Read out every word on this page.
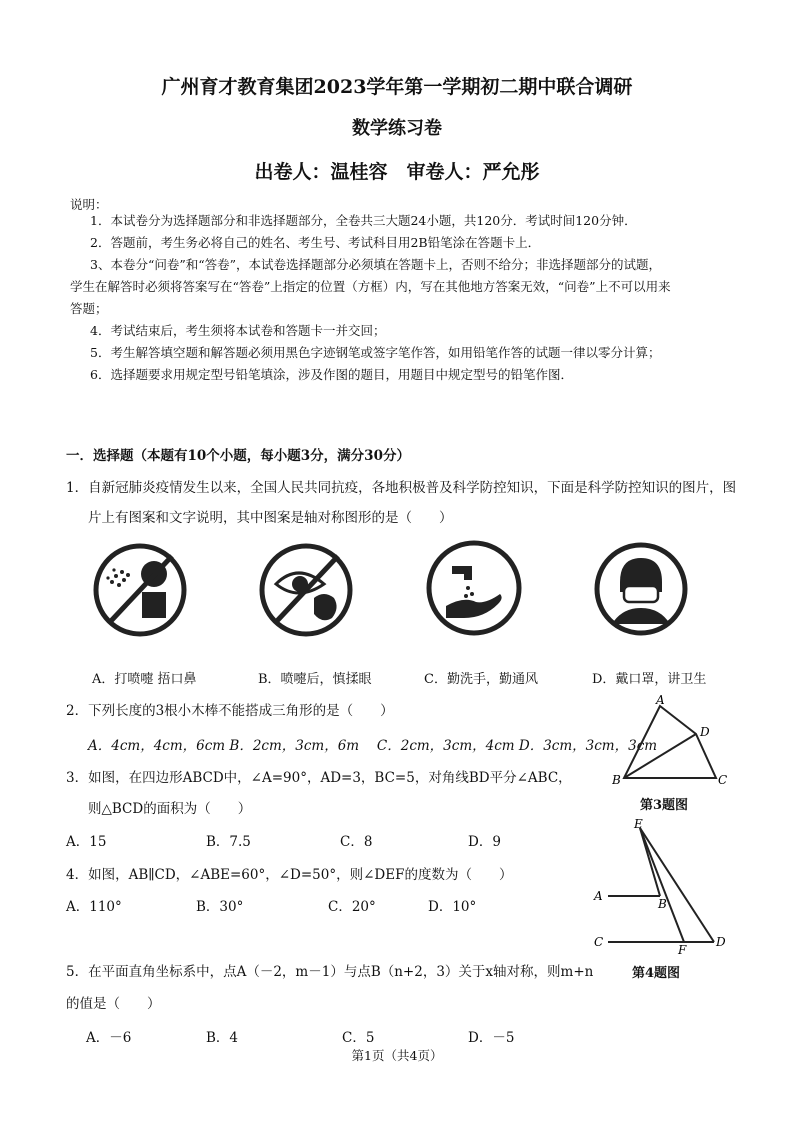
广州育才教育集团2023学年第一学期初二期中联合调研
数学练习卷
出卷人：温桂容　审卷人：严允彤
说明：
1．本试卷分为选择题部分和非选择题部分，全卷共三大题24小题，共120分．考试时间120分钟．
2．答题前，考生务必将自己的姓名、考生号、考试科目用2B铅笔涂在答题卡上．
3、本卷分“问卷”和“答卷”，本试卷选择题部分必须填在答题卡上，否则不给分；非选择题部分的试题，
学生在解答时必须将答案写在“答卷”上指定的位置（方框）内，写在其他地方答案无效，“问卷”上不可以用来
答题；
4．考试结束后，考生须将本试卷和答题卡一并交回；
5．考生解答填空题和解答题必须用黑色字迹钢笔或签字笔作答，如用铅笔作答的试题一律以零分计算；
6．选择题要求用规定型号铅笔填涂，涉及作图的题目，用题目中规定型号的铅笔作图．
一．选择题（本题有10个小题，每小题3分，满分30分）
1．自新冠肺炎疫情发生以来，全国人民共同抗疫，各地积极普及科学防控知识，下面是科学防控知识的图片，图
片上有图案和文字说明，其中图案是轴对称图形的是（　　）
A．打喷嚏 捂口鼻	B．喷嚏后，慎揉眼	C．勤洗手，勤通风	D．戴口罩，讲卫生
2．下列长度的3根小木棒不能搭成三角形的是（　　）
A．4cm，4cm，6cm B．2cm，3cm，6m　 C．2cm，3cm，4cm D．3cm，3cm，3cm
A
B	C
D
第3题图
3．如图，在四边形ABCD中，∠A=90°，AD=3，BC=5，对角线BD平分∠ABC，
则△BCD的面积为（　　）
A．15	B．7.5	C．8	D．9
E
A
B
C
F
D
第4题图
4．如图，AB∥CD，∠ABE=60°，∠D=50°，则∠DEF的度数为（　　）
A．110°	B．30°	C．20°	D．10°
5．在平面直角坐标系中，点A（－2，m－1）与点B（n+2，3）关于x轴对称，则m+n
的值是（　　）
A．－6	B．4	C．5	D．－5
第1页（共4页）
